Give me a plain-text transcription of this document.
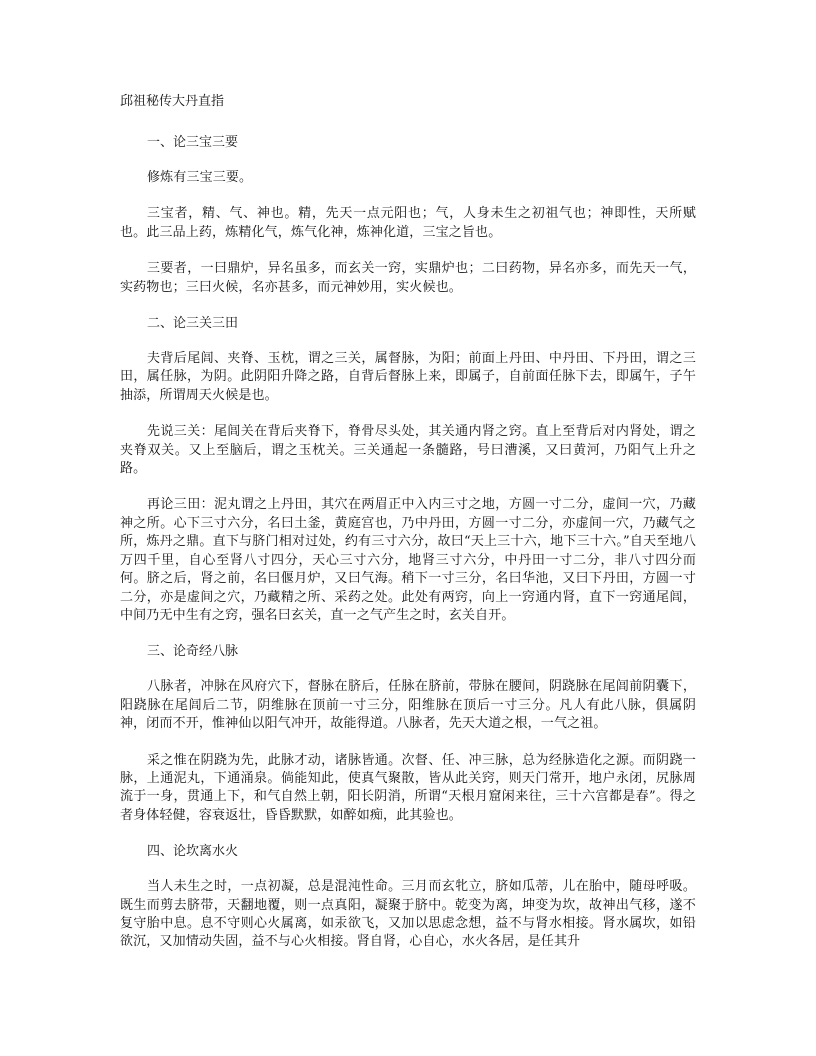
邱祖秘传大丹直指
一、论三宝三要

修炼有三宝三要。

三宝者，精、气、神也。精，先天一点元阳也；气，人身未生之初祖气也；神即性，天所赋也。此三品上药，炼精化气，炼气化神，炼神化道，三宝之旨也。

三要者，一曰鼎炉，异名虽多，而玄关一窍，实鼎炉也；二曰药物，异名亦多，而先天一气，实药物也；三曰火候，名亦甚多，而元神妙用，实火候也。

二、论三关三田

夫背后尾闾、夹脊、玉枕，谓之三关，属督脉，为阳；前面上丹田、中丹田、下丹田，谓之三田，属任脉，为阴。此阴阳升降之路，自背后督脉上来，即属子，自前面任脉下去，即属午，子午抽添，所谓周天火候是也。

先说三关：尾闾关在背后夹脊下，脊骨尽头处，其关通内肾之窍。直上至背后对内肾处，谓之夹脊双关。又上至脑后，谓之玉枕关。三关通起一条髓路，号曰漕溪，又曰黄河，乃阳气上升之路。

再论三田：泥丸谓之上丹田，其穴在两眉正中入内三寸之地，方圆一寸二分，虚间一穴，乃藏神之所。心下三寸六分，名曰土釜，黄庭宫也，乃中丹田，方圆一寸二分，亦虚间一穴，乃藏气之所，炼丹之鼎。直下与脐门相对过处，约有三寸六分，故曰“天上三十六，地下三十六。”自天至地八万四千里，自心至肾八寸四分，天心三寸六分，地肾三寸六分，中丹田一寸二分，非八寸四分而何。脐之后，肾之前，名曰偃月炉，又曰气海。稍下一寸三分，名曰华池，又曰下丹田，方圆一寸二分，亦是虚间之穴，乃藏精之所、采药之处。此处有两窍，向上一窍通内肾，直下一窍通尾闾，中间乃无中生有之窍，强名曰玄关，直一之气产生之时，玄关自开。

三、论奇经八脉

八脉者，冲脉在风府穴下，督脉在脐后，任脉在脐前，带脉在腰间，阴跷脉在尾闾前阴囊下，阳跷脉在尾闾后二节，阴维脉在顶前一寸三分，阳维脉在顶后一寸三分。凡人有此八脉，俱属阴神，闭而不开，惟神仙以阳气冲开，故能得道。八脉者，先天大道之根，一气之祖。

采之惟在阴跷为先，此脉才动，诸脉皆通。次督、任、冲三脉，总为经脉造化之源。而阴跷一脉，上通泥丸，下通涌泉。倘能知此，使真气聚散，皆从此关窍，则天门常开，地户永闭，尻脉周流于一身，贯通上下，和气自然上朝，阳长阴消，所谓“天根月窟闲来往，三十六宫都是春”。得之者身体轻健，容衰返壮，昏昏默默，如醉如痴，此其验也。

四、论坎离水火

当人未生之时，一点初凝，总是混沌性命。三月而玄牝立，脐如瓜蒂，儿在胎中，随母呼吸。既生而剪去脐带，天翻地覆，则一点真阳，凝聚于脐中。乾变为离，坤变为坎，故神出气移，遂不复守胎中息。息不守则心火属离，如汞欲飞，又加以思虑念想，益不与肾水相接。肾水属坎，如铅欲沉，又加情动失固，益不与心火相接。肾自肾，心自心，水火各居，是任其升
